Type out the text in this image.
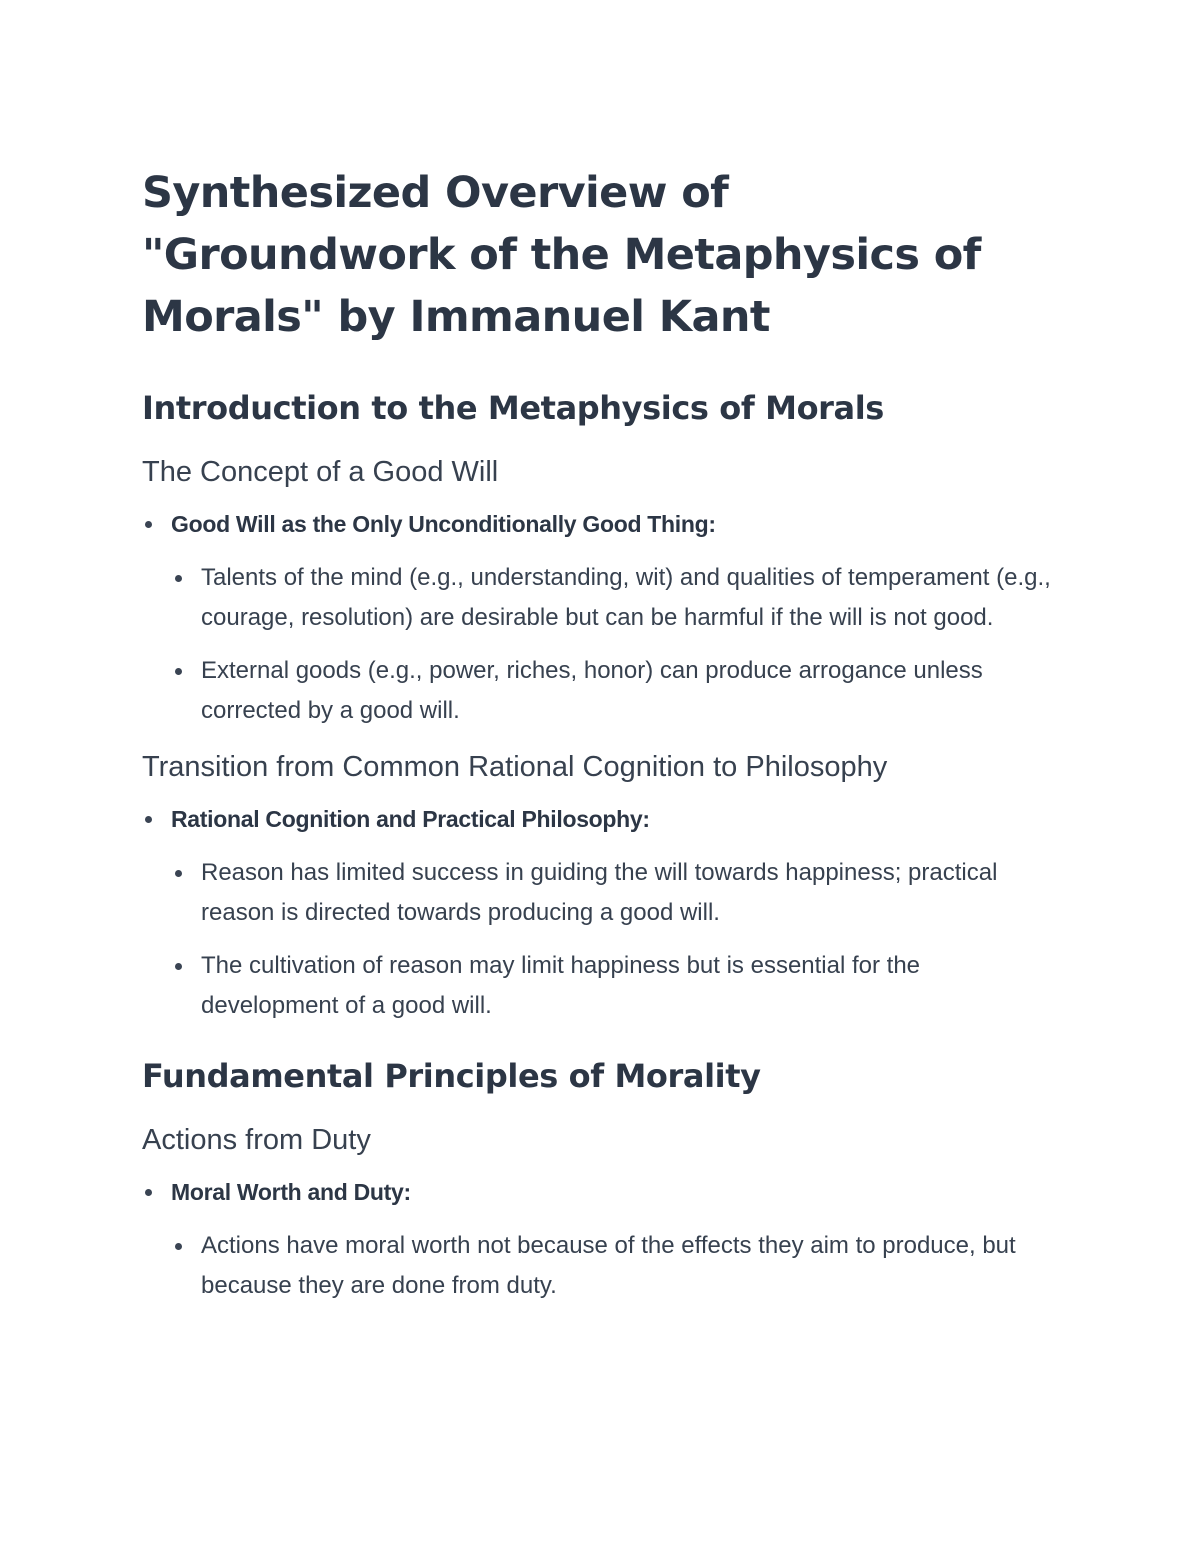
Synthesized Overview of "Groundwork of the Metaphysics of Morals" by Immanuel Kant
Introduction to the Metaphysics of Morals
The Concept of a Good Will
Good Will as the Only Unconditionally Good Thing:
Talents of the mind (e.g., understanding, wit) and qualities of temperament (e.g., courage, resolution) are desirable but can be harmful if the will is not good.
External goods (e.g., power, riches, honor) can produce arrogance unless corrected by a good will.
Transition from Common Rational Cognition to Philosophy
Rational Cognition and Practical Philosophy:
Reason has limited success in guiding the will towards happiness; practical reason is directed towards producing a good will.
The cultivation of reason may limit happiness but is essential for the development of a good will.
Fundamental Principles of Morality
Actions from Duty
Moral Worth and Duty:
Actions have moral worth not because of the effects they aim to produce, but because they are done from duty.
